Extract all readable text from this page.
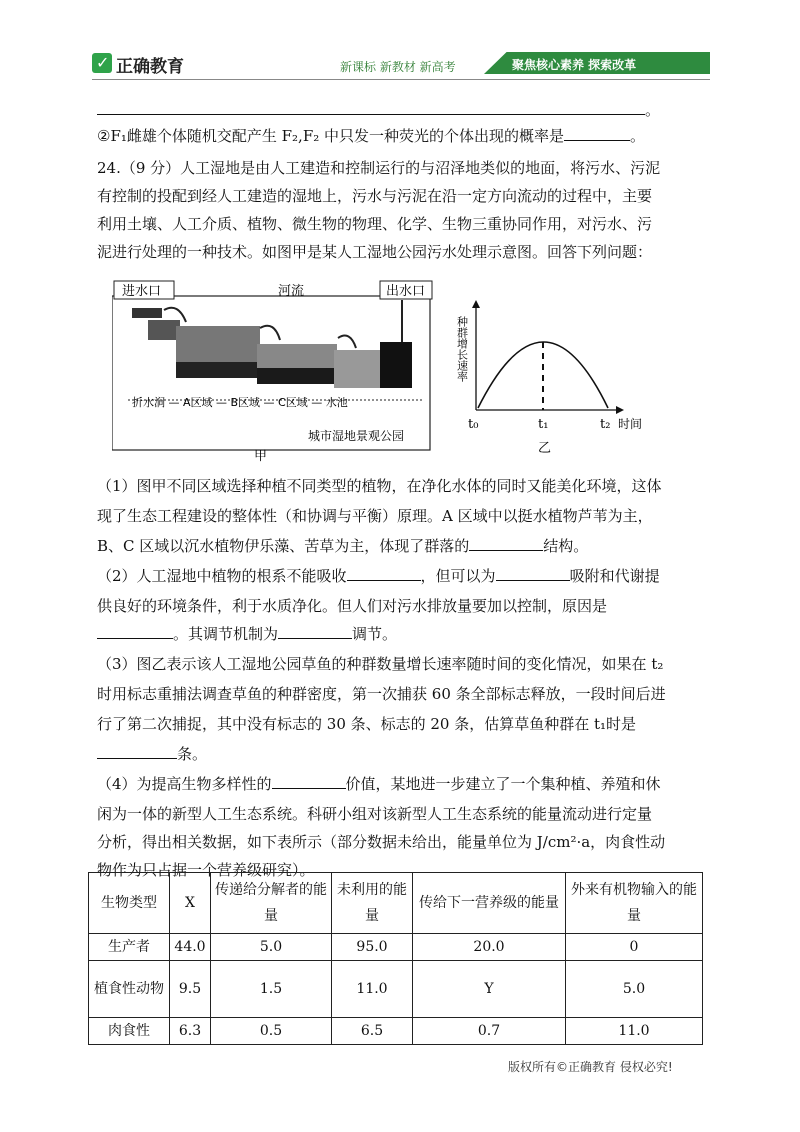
✓ 正确教育	新课标 新教材 新高考	聚焦核心素养 探索改革
。
②F₁雌雄个体随机交配产生 F₂,F₂ 中只发一种荧光的个体出现的概率是	。
24.（9 分）人工湿地是由人工建造和控制运行的与沼泽地类似的地面，将污水、污泥
有控制的投配到经人工建造的湿地上，污水与污泥在沿一定方向流动的过程中，主要
利用土壤、人工介质、植物、微生物的物理、化学、生物三重协同作用，对污水、污
泥进行处理的一种技术。如图甲是某人工湿地公园污水处理示意图。回答下列问题：
进水口	河流	出水口
折水涧 — A区域 — B区域 — C区域 — 水池
城市湿地景观公园
甲
种群增长速率
t₀	t₁	t₂ 时间
乙
（1）图甲不同区域选择种植不同类型的植物，在净化水体的同时又能美化环境，这体
现了生态工程建设的整体性（和协调与平衡）原理。A 区域中以挺水植物芦苇为主，
B、C 区域以沉水植物伊乐藻、苦草为主，体现了群落的	结构。
（2）人工湿地中植物的根系不能吸收	，但可以为	吸附和代谢提
供良好的环境条件，利于水质净化。但人们对污水排放量要加以控制，原因是
。其调节机制为	调节。
（3）图乙表示该人工湿地公园草鱼的种群数量增长速率随时间的变化情况，如果在 t₂
时用标志重捕法调查草鱼的种群密度，第一次捕获 60 条全部标志释放，一段时间后进
行了第二次捕捉，其中没有标志的 30 条、标志的 20 条，估算草鱼种群在 t₁时是
条。
（4）为提高生物多样性的	价值，某地进一步建立了一个集种植、养殖和休
闲为一体的新型人工生态系统。科研小组对该新型人工生态系统的能量流动进行定量
分析，得出相关数据，如下表所示（部分数据未给出，能量单位为 J/cm²·a，肉食性动
物作为只占据一个营养级研究）。
生物类型	X	传递给分解者的能量	未利用的能量	传给下一营养级的能量	外来有机物输入的能量
生产者	44.0	5.0	95.0	20.0	0
植食性动物	9.5	1.5	11.0	Y	5.0
肉食性	6.3	0.5	6.5	0.7	11.0
版权所有©正确教育 侵权必究!
